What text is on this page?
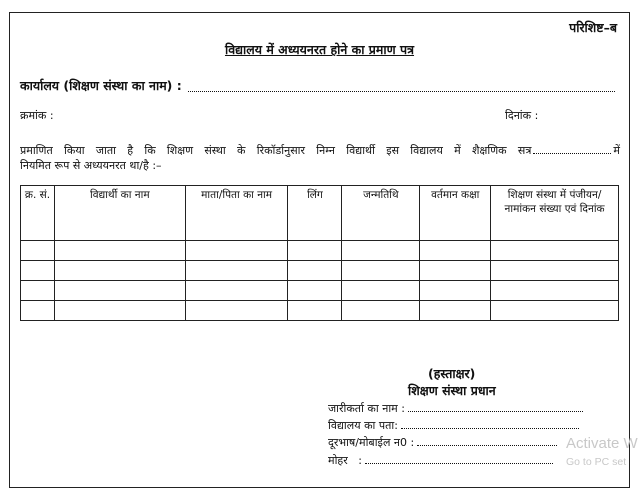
परिशिष्ट–ब
विद्यालय में अध्ययनरत होने का प्रमाण पत्र
कार्यालय (शिक्षण संस्था का नाम) :
क्रमांक :	दिनांक :
प्रमाणित किया जाता है कि शिक्षण संस्था के रिकॉर्डानुसार निम्न विद्यार्थी इस विद्यालय में शैक्षणिक सत्र	में
नियमित रूप से अध्ययनरत था/है :–
क्र. सं.	विद्यार्थी का नाम	माता/पिता का नाम	लिंग	जन्मतिथि	वर्तमान कक्षा	शिक्षण संस्था में पंजीयन/नामांकन संख्या एवं दिनांक

(हस्ताक्षर)
शिक्षण संस्था प्रधान
जारीकर्ता का नाम :
विद्यालय का पता:
दूरभाष/मोबाईल न0 :
मोहर   :
Activate W
Go to PC set
